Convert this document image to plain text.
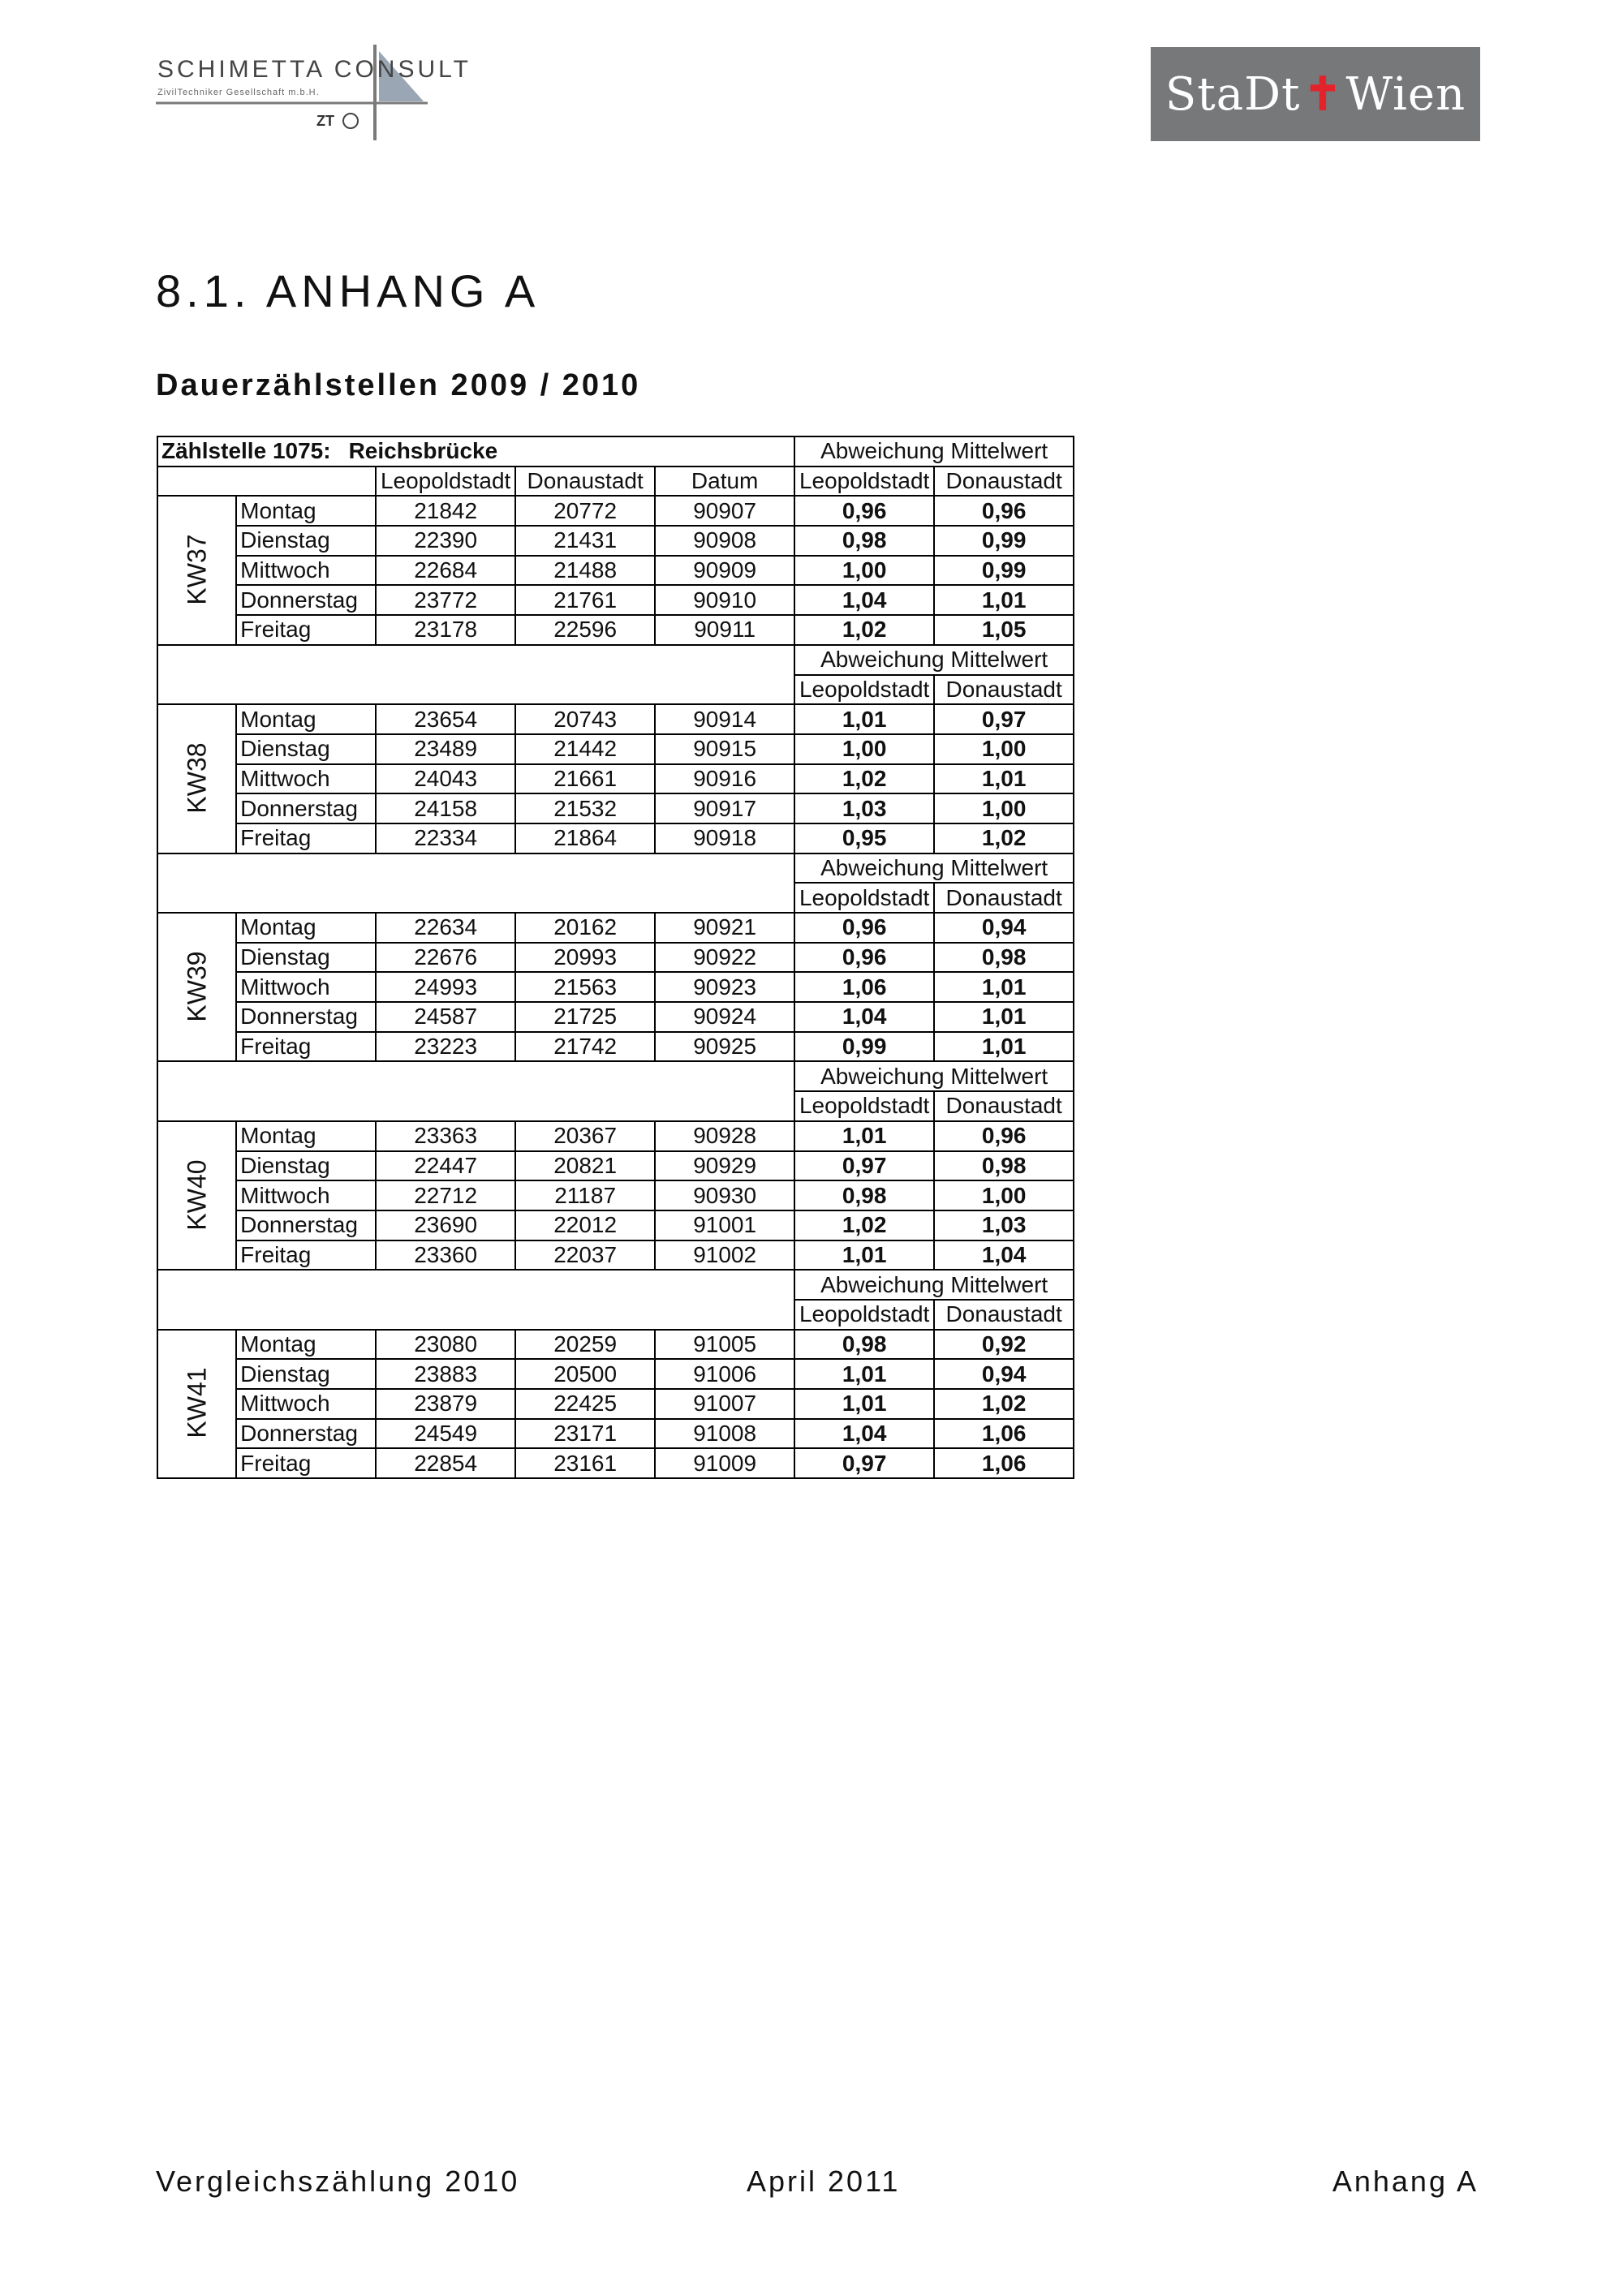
SCHIMETTA CONSULT
ZivilTechniker Gesellschaft m.b.H.
ZT
StaDt ✝ Wien
8.1. ANHANG A
Dauerzählstellen 2009 / 2010
Zählstelle 1075: Reichsbrücke					Abweichung Mittelwert	
		Leopoldstadt	Donaustadt	Datum	Leopoldstadt	Donaustadt
KW37	Montag	21842	20772	90907	0,96	0,96
	Dienstag	22390	21431	90908	0,98	0,99
	Mittwoch	22684	21488	90909	1,00	0,99
	Donnerstag	23772	21761	90910	1,04	1,01
	Freitag	23178	22596	90911	1,02	1,05
					Abweichung Mittelwert	
					Leopoldstadt	Donaustadt
KW38	Montag	23654	20743	90914	1,01	0,97
	Dienstag	23489	21442	90915	1,00	1,00
	Mittwoch	24043	21661	90916	1,02	1,01
	Donnerstag	24158	21532	90917	1,03	1,00
	Freitag	22334	21864	90918	0,95	1,02
					Abweichung Mittelwert	
					Leopoldstadt	Donaustadt
KW39	Montag	22634	20162	90921	0,96	0,94
	Dienstag	22676	20993	90922	0,96	0,98
	Mittwoch	24993	21563	90923	1,06	1,01
	Donnerstag	24587	21725	90924	1,04	1,01
	Freitag	23223	21742	90925	0,99	1,01
					Abweichung Mittelwert	
					Leopoldstadt	Donaustadt
KW40	Montag	23363	20367	90928	1,01	0,96
	Dienstag	22447	20821	90929	0,97	0,98
	Mittwoch	22712	21187	90930	0,98	1,00
	Donnerstag	23690	22012	91001	1,02	1,03
	Freitag	23360	22037	91002	1,01	1,04
					Abweichung Mittelwert	
					Leopoldstadt	Donaustadt
KW41	Montag	23080	20259	91005	0,98	0,92
	Dienstag	23883	20500	91006	1,01	0,94
	Mittwoch	23879	22425	91007	1,01	1,02
	Donnerstag	24549	23171	91008	1,04	1,06
	Freitag	22854	23161	91009	0,97	1,06
Vergleichszählung 2010	April 2011	Anhang A
